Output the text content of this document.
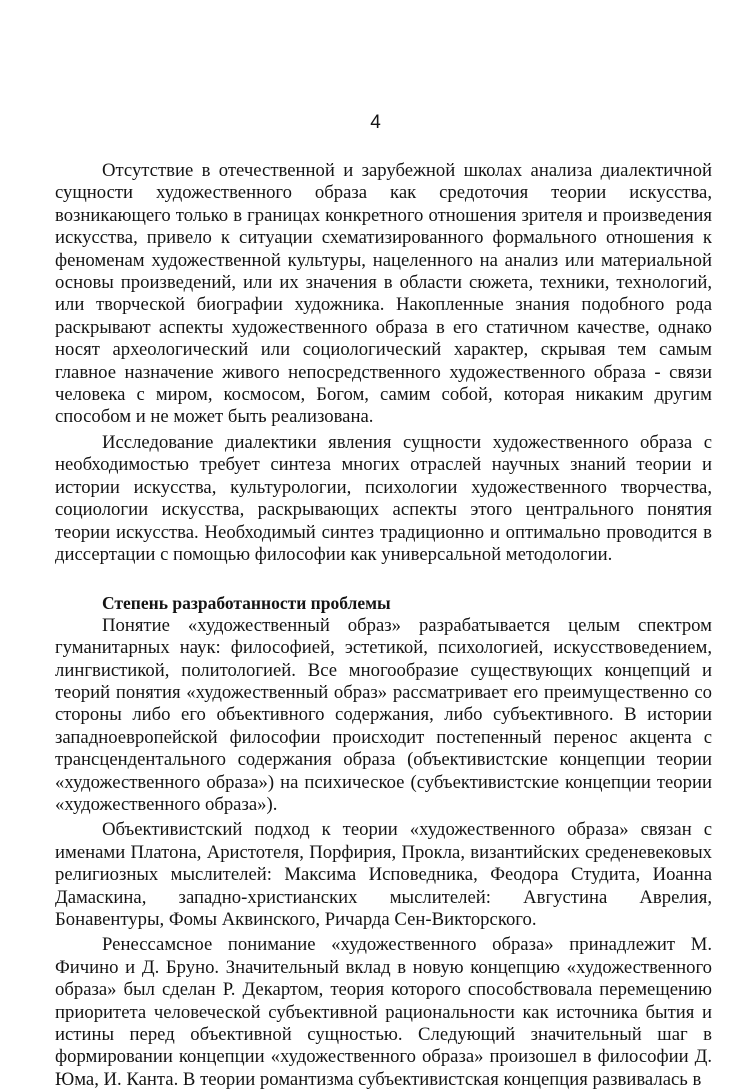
4

Отсутствие в отечественной и зарубежной школах анализа диалектичной сущности художественного образа как средоточия теории искусства, возникающего только в границах конкретного отношения зрителя и произведения искусства, привело к ситуации схематизированного формального отношения к феноменам художественной культуры, нацеленного на анализ или материальной основы произведений, или их значения в области сюжета, техники, технологий, или творческой биографии художника. Накопленные знания подобного рода раскрывают аспекты художественного образа в его статичном качестве, однако носят археологический или социологический характер, скрывая тем самым главное назначение живого непосредственного художественного образа - связи человека с миром, космосом, Богом, самим собой, которая никаким другим способом и не может быть реализована.

Исследование диалектики явления сущности художественного образа с необходимостью требует синтеза многих отраслей научных знаний теории и истории искусства, культурологии, психологии художественного творчества, социологии искусства, раскрывающих аспекты этого центрального понятия теории искусства. Необходимый синтез традиционно и оптимально проводится в диссертации с помощью философии как универсальной методологии.

Степень разработанности проблемы

Понятие «художественный образ» разрабатывается целым спектром гуманитарных наук: философией, эстетикой, психологией, искусствоведением, лингвистикой, политологией. Все многообразие существующих концепций и теорий понятия «художественный образ» рассматривает его преимущественно со стороны либо его объективного содержания, либо субъективного. В истории западноевропейской философии происходит постепенный перенос акцента с трансцендентального содержания образа (объективистские концепции теории «художественного образа») на психическое (субъективистские концепции теории «художественного образа»).

Объективистский подход к теории «художественного образа» связан с именами Платона, Аристотеля, Порфирия, Прокла, византийских среденевековых религиозных мыслителей: Максима Исповедника, Феодора Студита, Иоанна Дамаскина, западно-христианских мыслителей: Августина Аврелия, Бонавентуры, Фомы Аквинского, Ричарда Сен-Викторского.

Ренессамсное понимание «художественного образа» принадлежит М. Фичино и Д. Бруно. Значительный вклад в новую концепцию «художественного образа» был сделан Р. Декартом, теория которого способствовала перемещению приоритета человеческой субъективной рациональности как источника бытия и истины перед объективной сущностью. Следующий значительный шаг в формировании концепции «художественного образа» произошел в философии Д. Юма, И. Канта. В теории романтизма субъективистская концепция развивалась в
